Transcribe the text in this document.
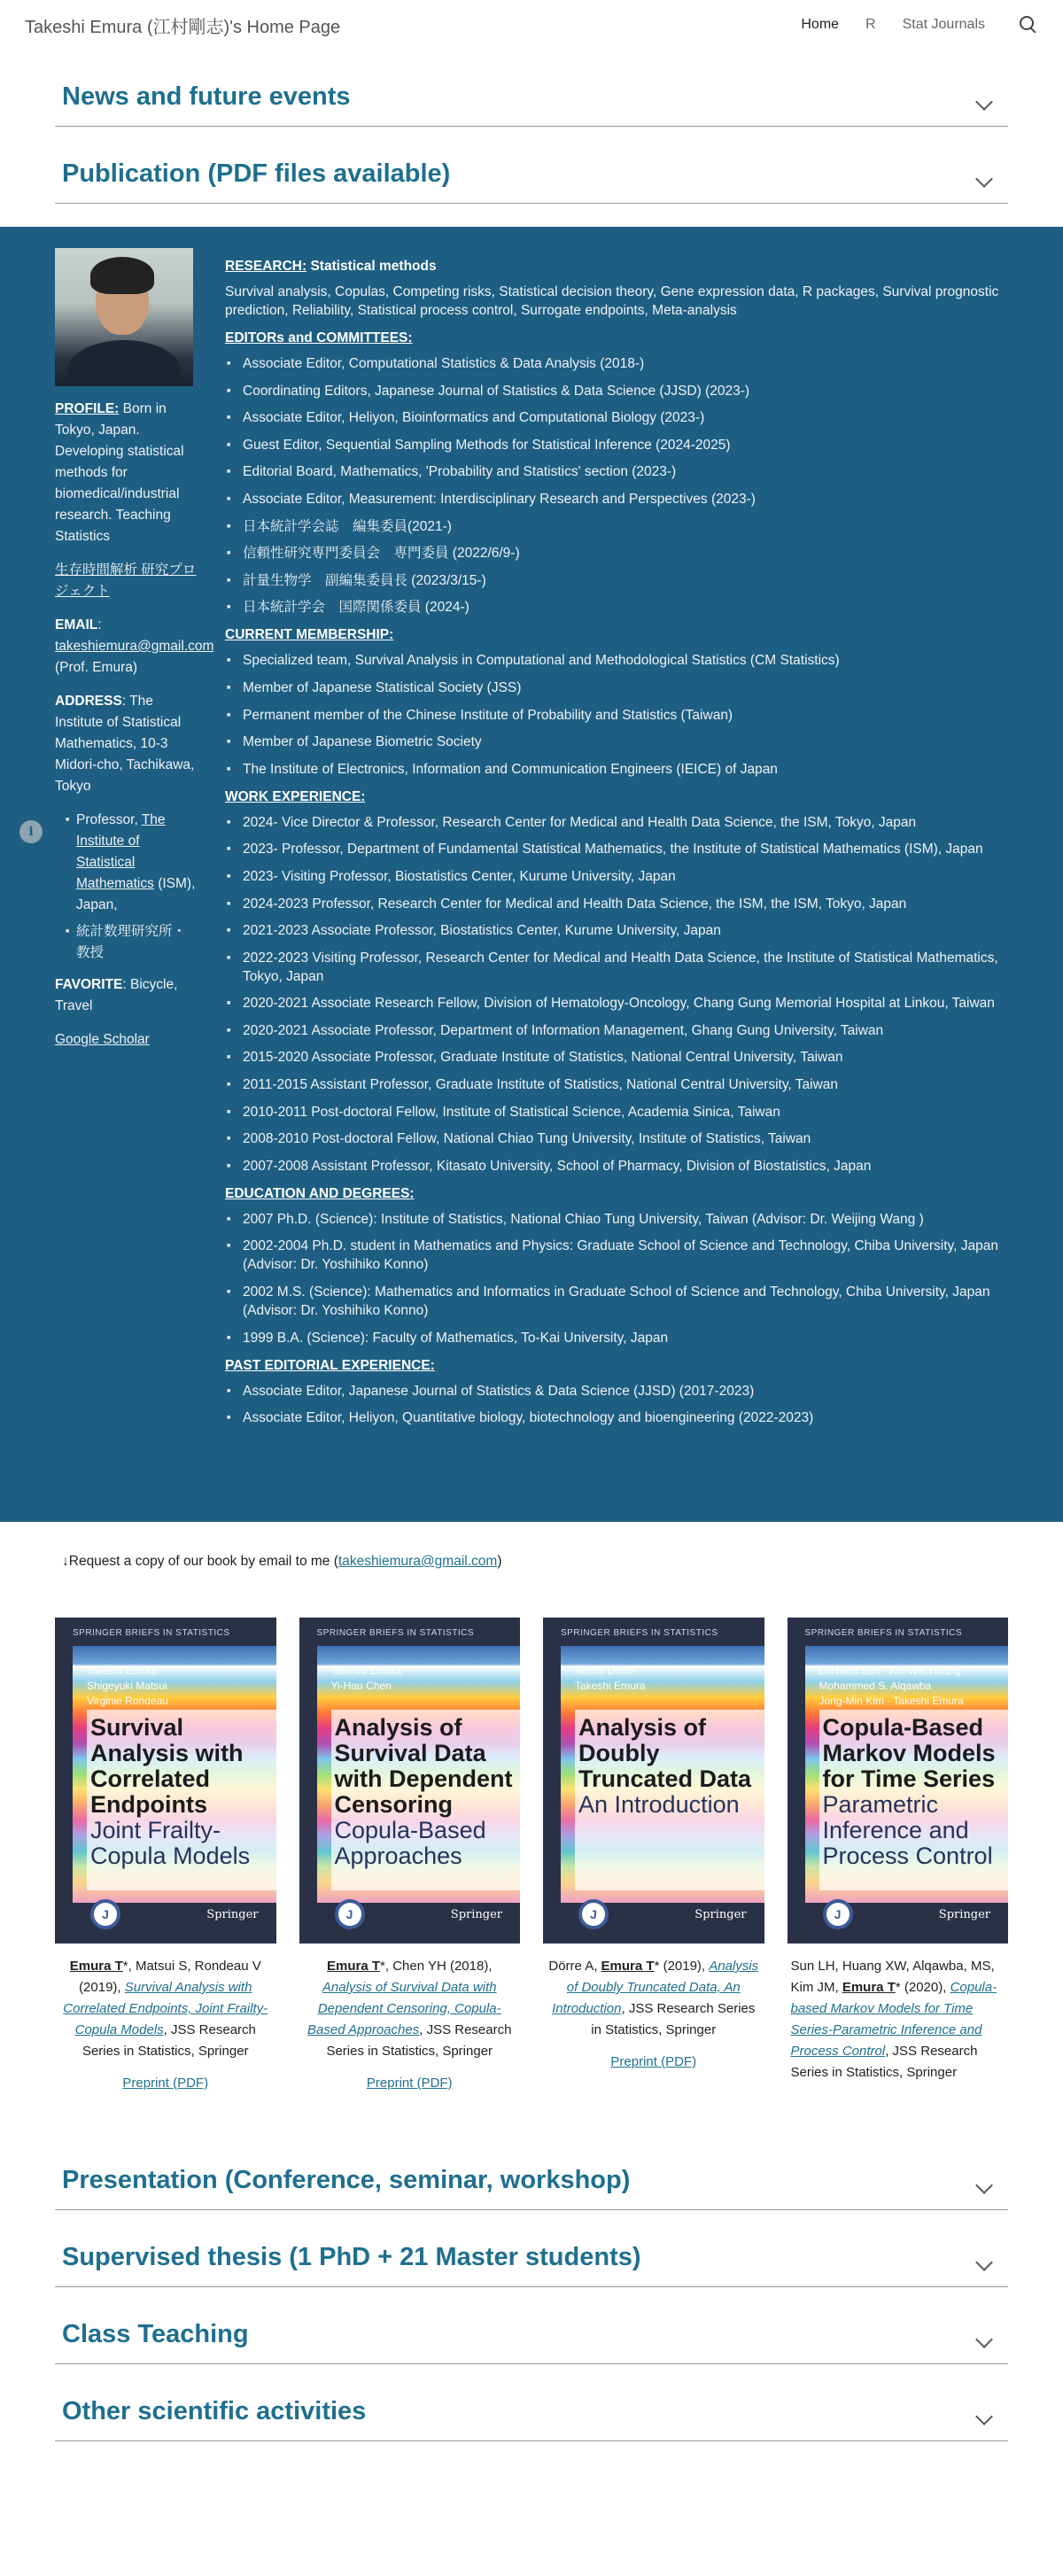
Takeshi Emura (江村剛志)'s Home Page	Home R Stat Journals
News and future events
Publication (PDF files available)
i

PROFILE: Born in Tokyo, Japan. Developing statistical methods for biomedical/industrial research. Teaching Statistics

生存時間解析 研究プロジェクト

EMAIL:
takeshiemura@gmail.com (Prof. Emura)

ADDRESS: The Institute of Statistical Mathematics, 10-3 Midori-cho, Tachikawa, Tokyo

■ Professor, The Institute of Statistical Mathematics (ISM), Japan,
■ 統計数理研究所・教授

FAVORITE: Bicycle, Travel

Google Scholar

RESEARCH: Statistical methods
Survival analysis, Copulas, Competing risks, Statistical decision theory, Gene expression data, R packages, Survival prognostic prediction, Reliability, Statistical process control, Surrogate endpoints, Meta-analysis
EDITORs and COMMITTEES:
■ Associate Editor, Computational Statistics & Data Analysis (2018-)
■ Coordinating Editors, Japanese Journal of Statistics & Data Science (JJSD) (2023-)
■ Associate Editor, Heliyon, Bioinformatics and Computational Biology (2023-)
■ Guest Editor, Sequential Sampling Methods for Statistical Inference (2024-2025)
■ Editorial Board, Mathematics, 'Probability and Statistics' section (2023-)
■ Associate Editor, Measurement: Interdisciplinary Research and Perspectives (2023-)
■ 日本統計学会誌　編集委員(2021-)
■ 信頼性研究専門委員会　専門委員 (2022/6/9-)
■ 計量生物学　副編集委員長 (2023/3/15-)
■ 日本統計学会　国際関係委員 (2024-)
CURRENT MEMBERSHIP:
■ Specialized team, Survival Analysis in Computational and Methodological Statistics (CM Statistics)
■ Member of Japanese Statistical Society (JSS)
■ Permanent member of the Chinese Institute of Probability and Statistics (Taiwan)
■ Member of Japanese Biometric Society
■ The Institute of Electronics, Information and Communication Engineers (IEICE) of Japan
WORK EXPERIENCE:
■ 2024- Vice Director & Professor, Research Center for Medical and Health Data Science, the ISM, Tokyo, Japan
■ 2023- Professor, Department of Fundamental Statistical Mathematics, the Institute of Statistical Mathematics (ISM), Japan
■ 2023- Visiting Professor, Biostatistics Center, Kurume University, Japan
■ 2024-2023 Professor, Research Center for Medical and Health Data Science, the ISM, the ISM, Tokyo, Japan
■ 2021-2023 Associate Professor, Biostatistics Center, Kurume University, Japan
■ 2022-2023 Visiting Professor, Research Center for Medical and Health Data Science, the Institute of Statistical Mathematics, Tokyo, Japan
■ 2020-2021 Associate Research Fellow, Division of Hematology-Oncology, Chang Gung Memorial Hospital at Linkou, Taiwan
■ 2020-2021 Associate Professor, Department of Information Management, Ghang Gung University, Taiwan
■ 2015-2020 Associate Professor, Graduate Institute of Statistics, National Central University, Taiwan
■ 2011-2015 Assistant Professor, Graduate Institute of Statistics, National Central University, Taiwan
■ 2010-2011 Post-doctoral Fellow, Institute of Statistical Science, Academia Sinica, Taiwan
■ 2008-2010 Post-doctoral Fellow, National Chiao Tung University, Institute of Statistics, Taiwan
■ 2007-2008 Assistant Professor, Kitasato University, School of Pharmacy, Division of Biostatistics, Japan
EDUCATION AND DEGREES:
■ 2007 Ph.D. (Science): Institute of Statistics, National Chiao Tung University, Taiwan (Advisor: Dr. Weijing Wang )
■ 2002-2004 Ph.D. student in Mathematics and Physics: Graduate School of Science and Technology, Chiba University, Japan (Advisor: Dr. Yoshihiko Konno)
■ 2002 M.S. (Science): Mathematics and Informatics in Graduate School of Science and Technology, Chiba University, Japan (Advisor: Dr. Yoshihiko Konno)
■ 1999 B.A. (Science): Faculty of Mathematics, To-Kai University, Japan
PAST EDITORIAL EXPERIENCE:
■ Associate Editor, Japanese Journal of Statistics & Data Science (JJSD) (2017-2023)
■ Associate Editor, Heliyon, Quantitative biology, biotechnology and bioengineering (2022-2023)
↓Request a copy of our book by email to me (takeshiemura@gmail.com)
SPRINGER BRIEFS IN STATISTICS
Takeshi Emura
Shigeyuki Matsui
Virginie Rondeau
Survival Analysis with Correlated Endpoints
Joint Frailty-Copula Models
J	Springer
Emura T*, Matsui S, Rondeau V (2019), Survival Analysis with Correlated Endpoints, Joint Frailty-Copula Models, JSS Research Series in Statistics, Springer
Preprint (PDF)
SPRINGER BRIEFS IN STATISTICS
Takeshi Emura
Yi-Hau Chen
Analysis of Survival Data with Dependent Censoring
Copula-Based Approaches
J	Springer
Emura T*, Chen YH (2018), Analysis of Survival Data with Dependent Censoring, Copula-Based Approaches, JSS Research Series in Statistics, Springer
Preprint (PDF)
SPRINGER BRIEFS IN STATISTICS
Achim Dörre
Takeshi Emura
Analysis of Doubly Truncated Data
An Introduction
J	Springer
Dörre A, Emura T* (2019), Analysis of Doubly Truncated Data, An Introduction, JSS Research Series in Statistics, Springer
Preprint (PDF)
SPRINGER BRIEFS IN STATISTICS
Li-Hsien Sun · Xin-Wei Huang
Mohammed S. Alqawba
Jong-Min Kim · Takeshi Emura
Copula-Based Markov Models for Time Series
Parametric Inference and Process Control
J	Springer
Sun LH, Huang XW, Alqawba, MS, Kim JM, Emura T* (2020), Copula-based Markov Models for Time Series-Parametric Inference and Process Control, JSS Research Series in Statistics, Springer
Presentation (Conference, seminar, workshop)
Supervised thesis (1 PhD + 21 Master students)
Class Teaching
Other scientific activities
